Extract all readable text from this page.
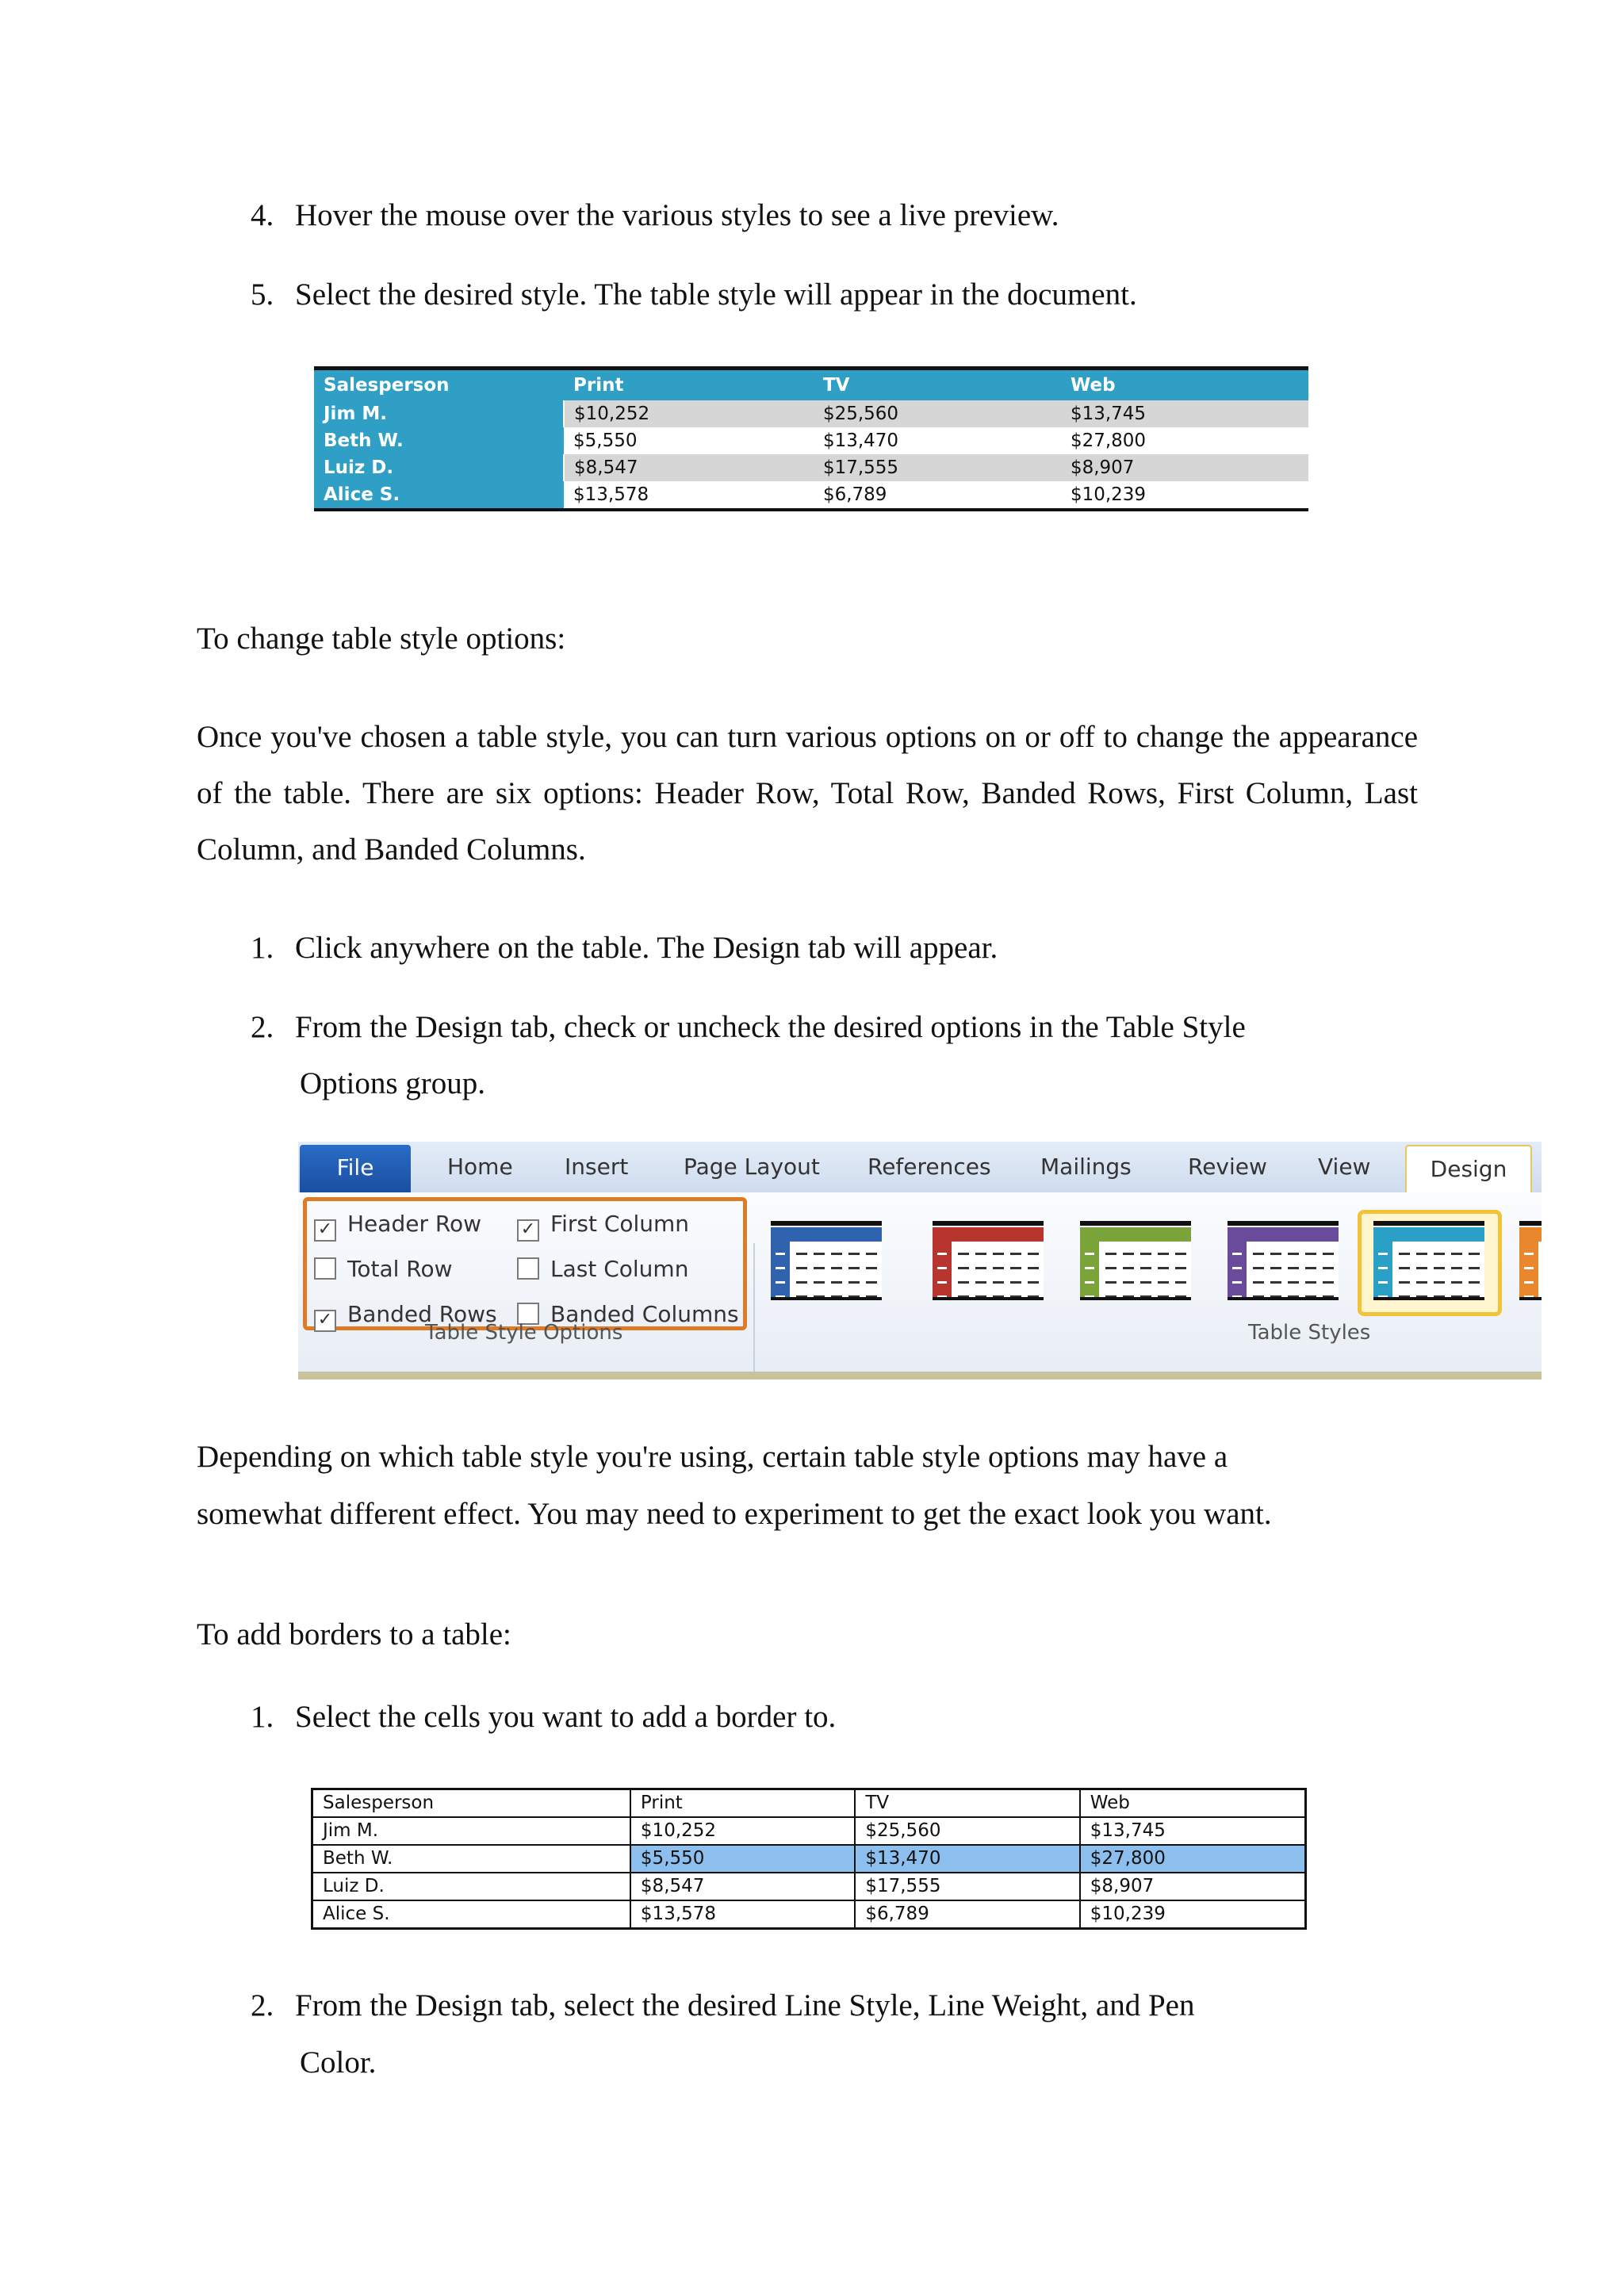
4. Hover the mouse over the various styles to see a live preview.
5. Select the desired style. The table style will appear in the document.
Salesperson	Print	TV	Web
Jim M.	$10,252	$25,560	$13,745
Beth W.	$5,550	$13,470	$27,800
Luiz D.	$8,547	$17,555	$8,907
Alice S.	$13,578	$6,789	$10,239
To change table style options:
Once you've chosen a table style, you can turn various options on or off to change the appearance of the table. There are six options: Header Row, Total Row, Banded Rows, First Column, Last Column, and Banded Columns.
1. Click anywhere on the table. The Design tab will appear.
2. From the Design tab, check or uncheck the desired options in the Table Style
Options group.
File	Home Insert Page Layout References Mailings	Review View	Design
✓ Header Row ✓ First Column
Total Row	Last Column
✓ Banded Rows	Banded Columns
Table Style Options	Table Styles
Depending on which table style you're using, certain table style options may have a
somewhat different effect. You may need to experiment to get the exact look you want.
To add borders to a table:
1. Select the cells you want to add a border to.
Salesperson	Print	TV	Web
Jim M.	$10,252	$25,560	$13,745
Beth W.	$5,550	$13,470	$27,800
Luiz D.	$8,547	$17,555	$8,907
Alice S.	$13,578	$6,789	$10,239
2. From the Design tab, select the desired Line Style, Line Weight, and Pen
Color.
